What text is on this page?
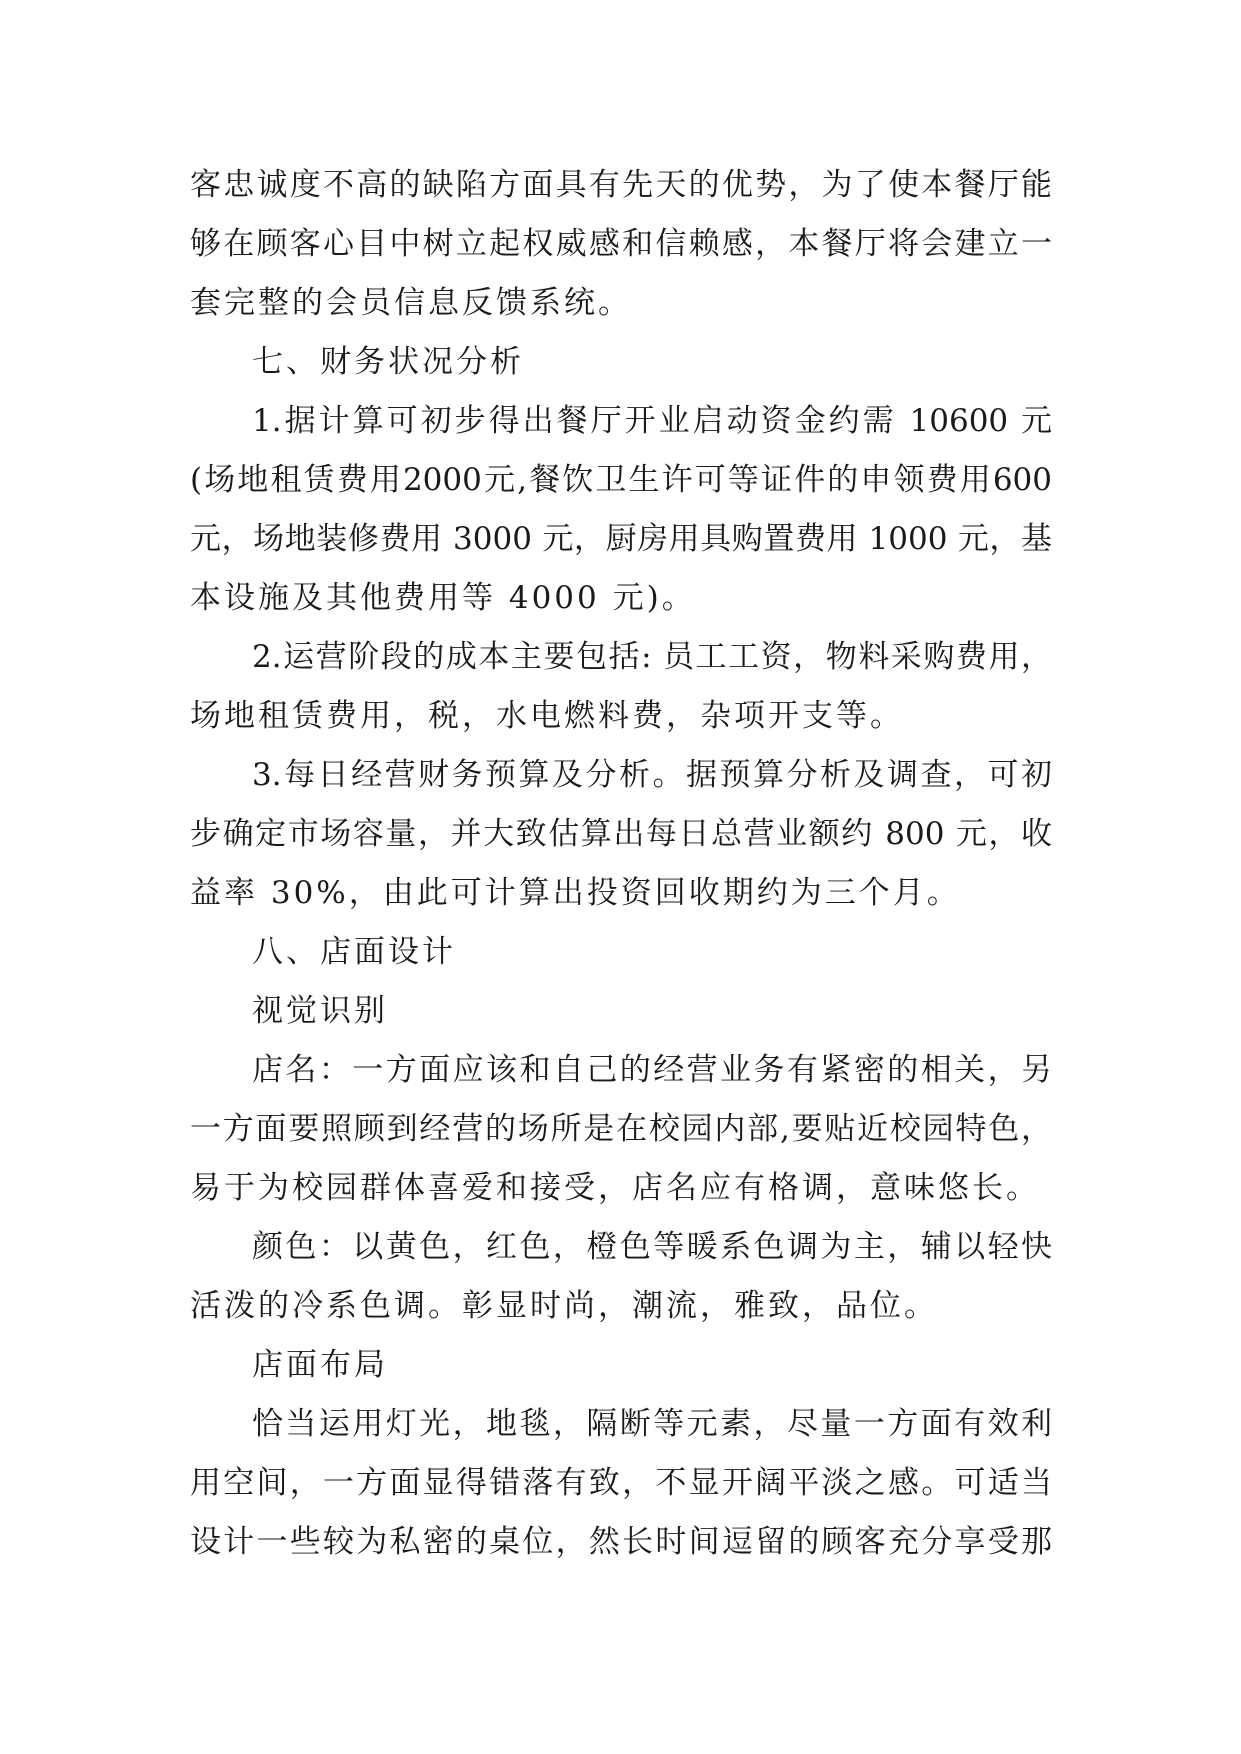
客忠诚度不高的缺陷方面具有先天的优势，为了使本餐厅能
够在顾客心目中树立起权威感和信赖感，本餐厅将会建立一
套完整的会员信息反馈系统。
七、财务状况分析
1.据计算可初步得出餐厅开业启动资金约需 10600 元
(场地租赁费用2000元,餐饮卫生许可等证件的申领费用600
元，场地装修费用 3000 元，厨房用具购置费用 1000 元，基
本设施及其他费用等 4000 元)。
2.运营阶段的成本主要包括: 员工工资，物料采购费用，
场地租赁费用，税，水电燃料费，杂项开支等。
3.每日经营财务预算及分析。据预算分析及调查，可初
步确定市场容量，并大致估算出每日总营业额约 800 元，收
益率 30%，由此可计算出投资回收期约为三个月。
八、店面设计
视觉识别
店名：一方面应该和自己的经营业务有紧密的相关，另
一方面要照顾到经营的场所是在校园内部,要贴近校园特色，
易于为校园群体喜爱和接受，店名应有格调，意味悠长。
颜色：以黄色，红色，橙色等暖系色调为主，辅以轻快
活泼的冷系色调。彰显时尚，潮流，雅致，品位。
店面布局
恰当运用灯光，地毯，隔断等元素，尽量一方面有效利
用空间，一方面显得错落有致，不显开阔平淡之感。可适当
设计一些较为私密的桌位，然长时间逗留的顾客充分享受那
